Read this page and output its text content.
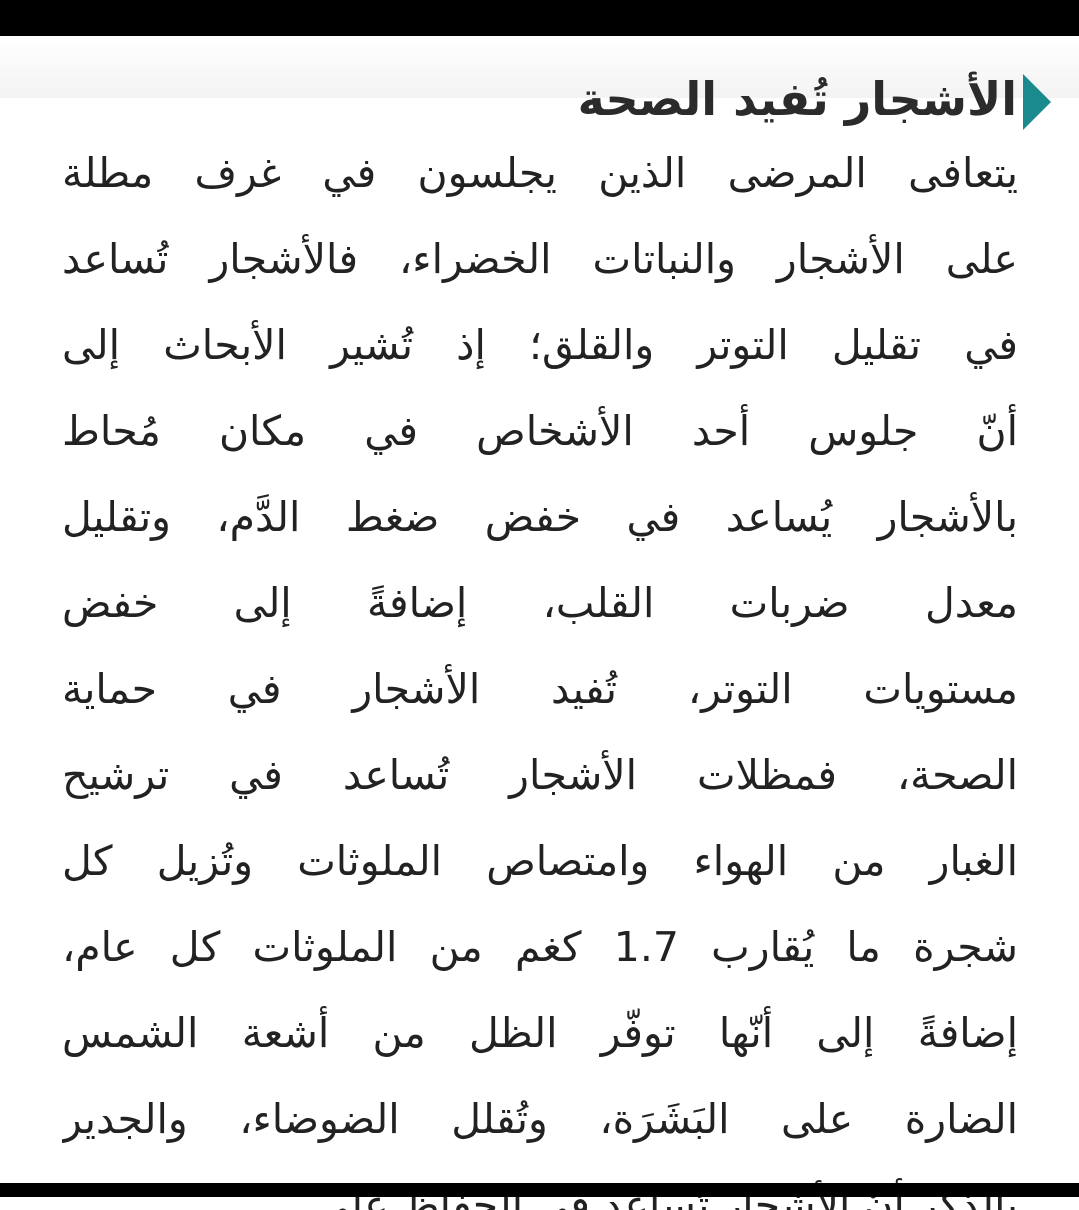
الأشجار تُفيد الصحة
يتعافى المرضى الذين يجلسون في غرف مطلة
على الأشجار والنباتات الخضراء، فالأشجار تُساعد
في تقليل التوتر والقلق؛ إذ تُشير الأبحاث إلى
أنّ جلوس أحد الأشخاص في مكان مُحاط
بالأشجار يُساعد في خفض ضغط الدَّم، وتقليل
معدل ضربات القلب، إضافةً إلى خفض
مستويات التوتر، تُفيد الأشجار في حماية
الصحة، فمظلات الأشجار تُساعد في ترشيح
الغبار من الهواء وامتصاص الملوثات وتُزيل كل
شجرة ما يُقارب 1.7 كغم من الملوثات كل عام،
إضافةً إلى أنّها توفّر الظل من أشعة الشمس
الضارة على البَشَرَة، وتُقلل الضوضاء، والجدير
